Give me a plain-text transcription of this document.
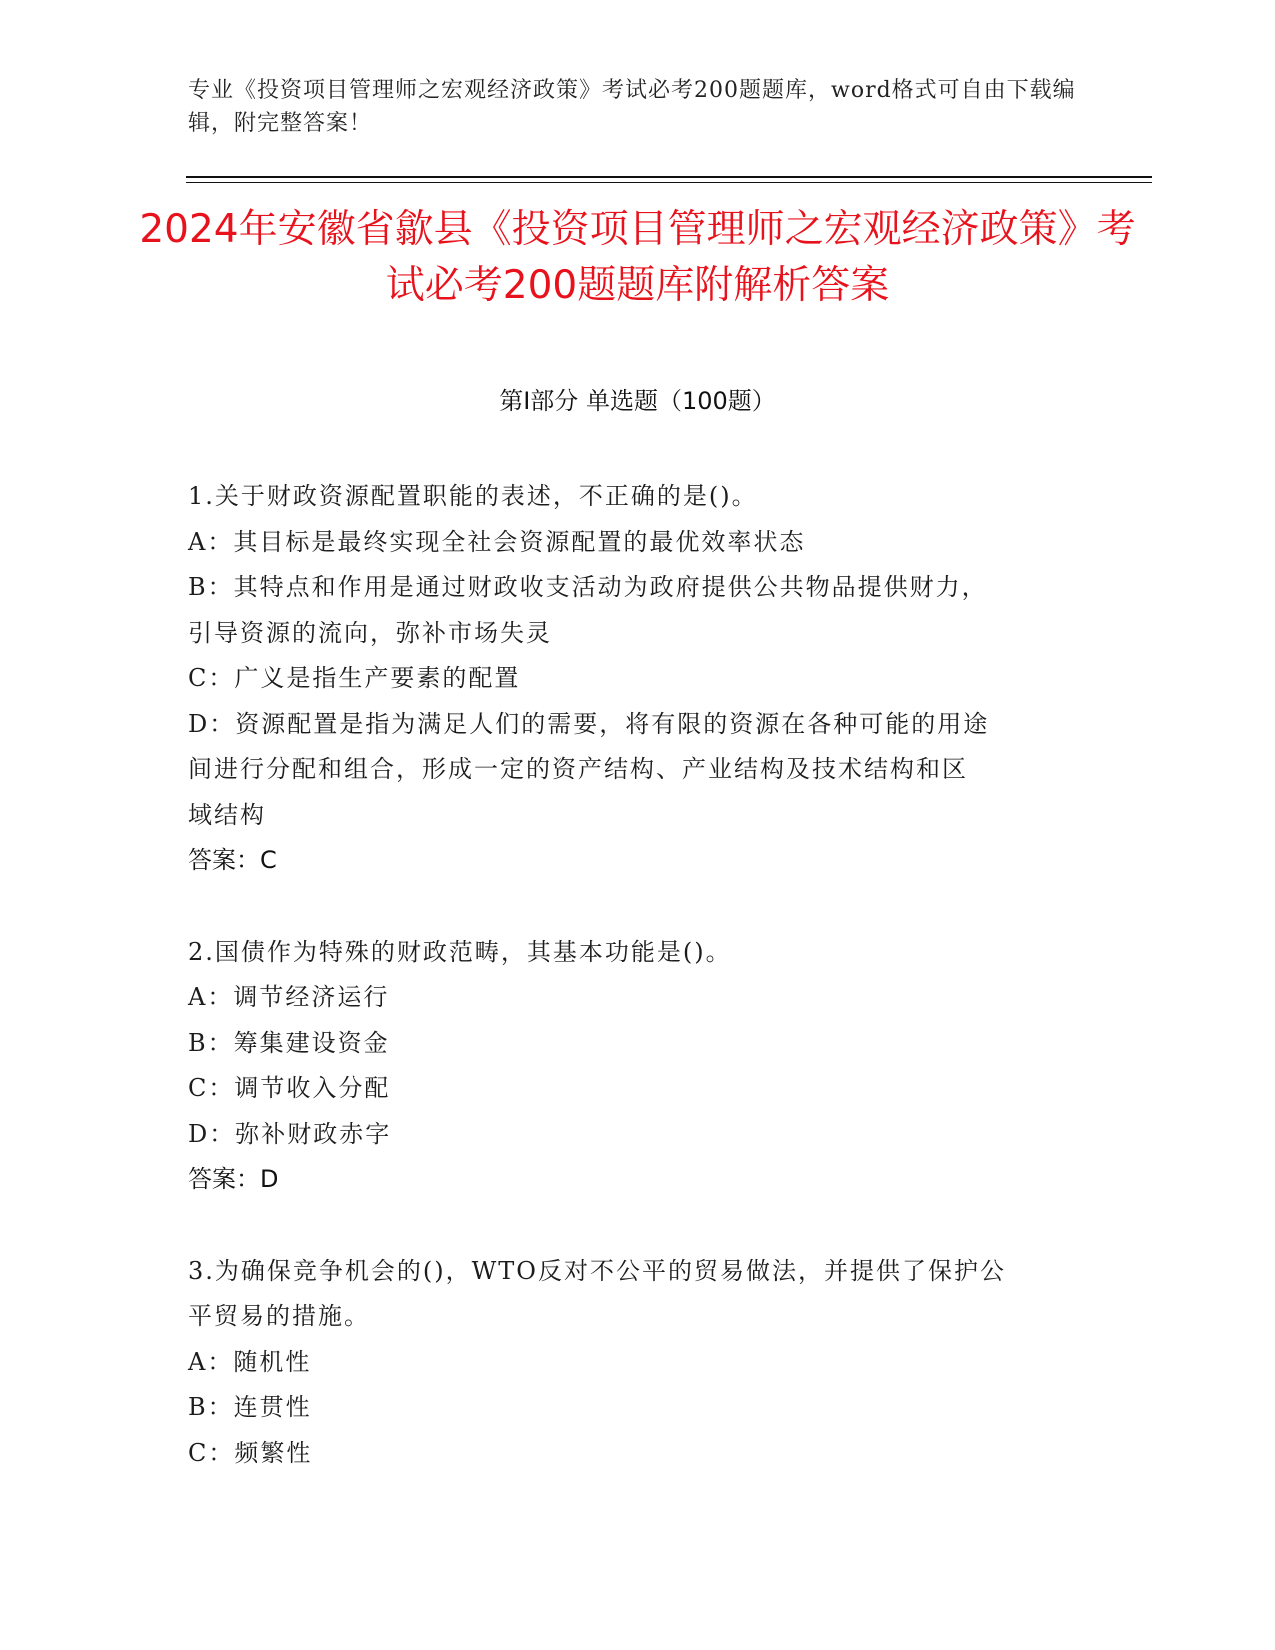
专业《投资项目管理师之宏观经济政策》考试必考200题题库，word格式可自由下载编辑，附完整答案！
2024年安徽省歙县《投资项目管理师之宏观经济政策》考试必考200题题库附解析答案
第Ⅰ部分 单选题（100题）
1.关于财政资源配置职能的表述，不正确的是()。
A：其目标是最终实现全社会资源配置的最优效率状态
B：其特点和作用是通过财政收支活动为政府提供公共物品提供财力，
引导资源的流向，弥补市场失灵
C：广义是指生产要素的配置
D：资源配置是指为满足人们的需要，将有限的资源在各种可能的用途
间进行分配和组合，形成一定的资产结构、产业结构及技术结构和区
域结构
答案：C
2.国债作为特殊的财政范畴，其基本功能是()。
A：调节经济运行
B：筹集建设资金
C：调节收入分配
D：弥补财政赤字
答案：D
3.为确保竞争机会的()，WTO反对不公平的贸易做法，并提供了保护公
平贸易的措施。
A：随机性
B：连贯性
C：频繁性
